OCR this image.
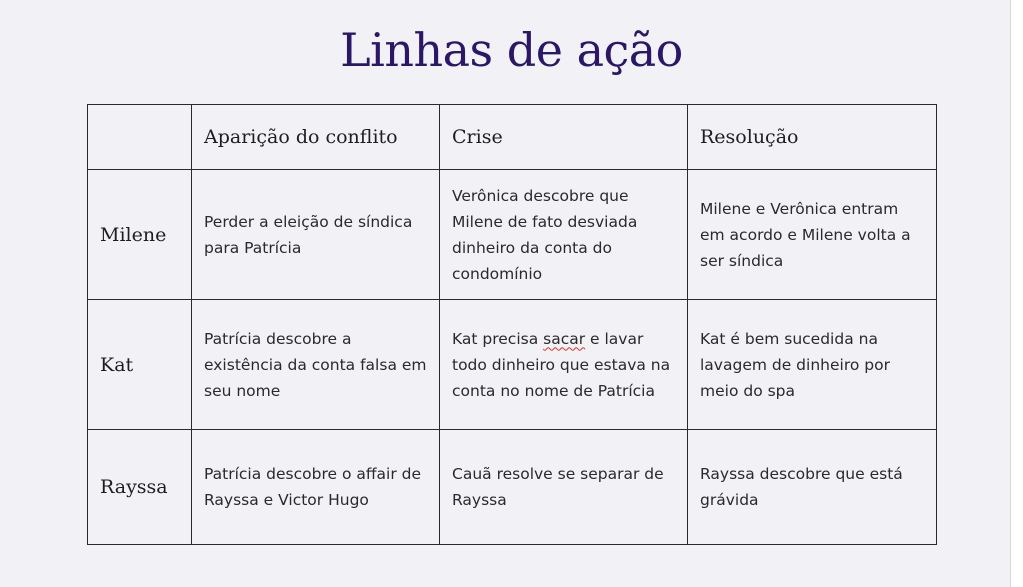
Linhas de ação
	Aparição do conflito	Crise	Resolução
Milene	Perder a eleição de síndica para Patrícia	Verônica descobre que Milene de fato desviada dinheiro da conta do condomínio	Milene e Verônica entram em acordo e Milene volta a ser síndica
Kat	Patrícia descobre a existência da conta falsa em seu nome	Kat precisa sacar e lavar todo dinheiro que estava na conta no nome de Patrícia	Kat é bem sucedida na lavagem de dinheiro por meio do spa
Rayssa	Patrícia descobre o affair de Rayssa e Victor Hugo	Cauã resolve se separar de Rayssa	Rayssa descobre que está grávida
